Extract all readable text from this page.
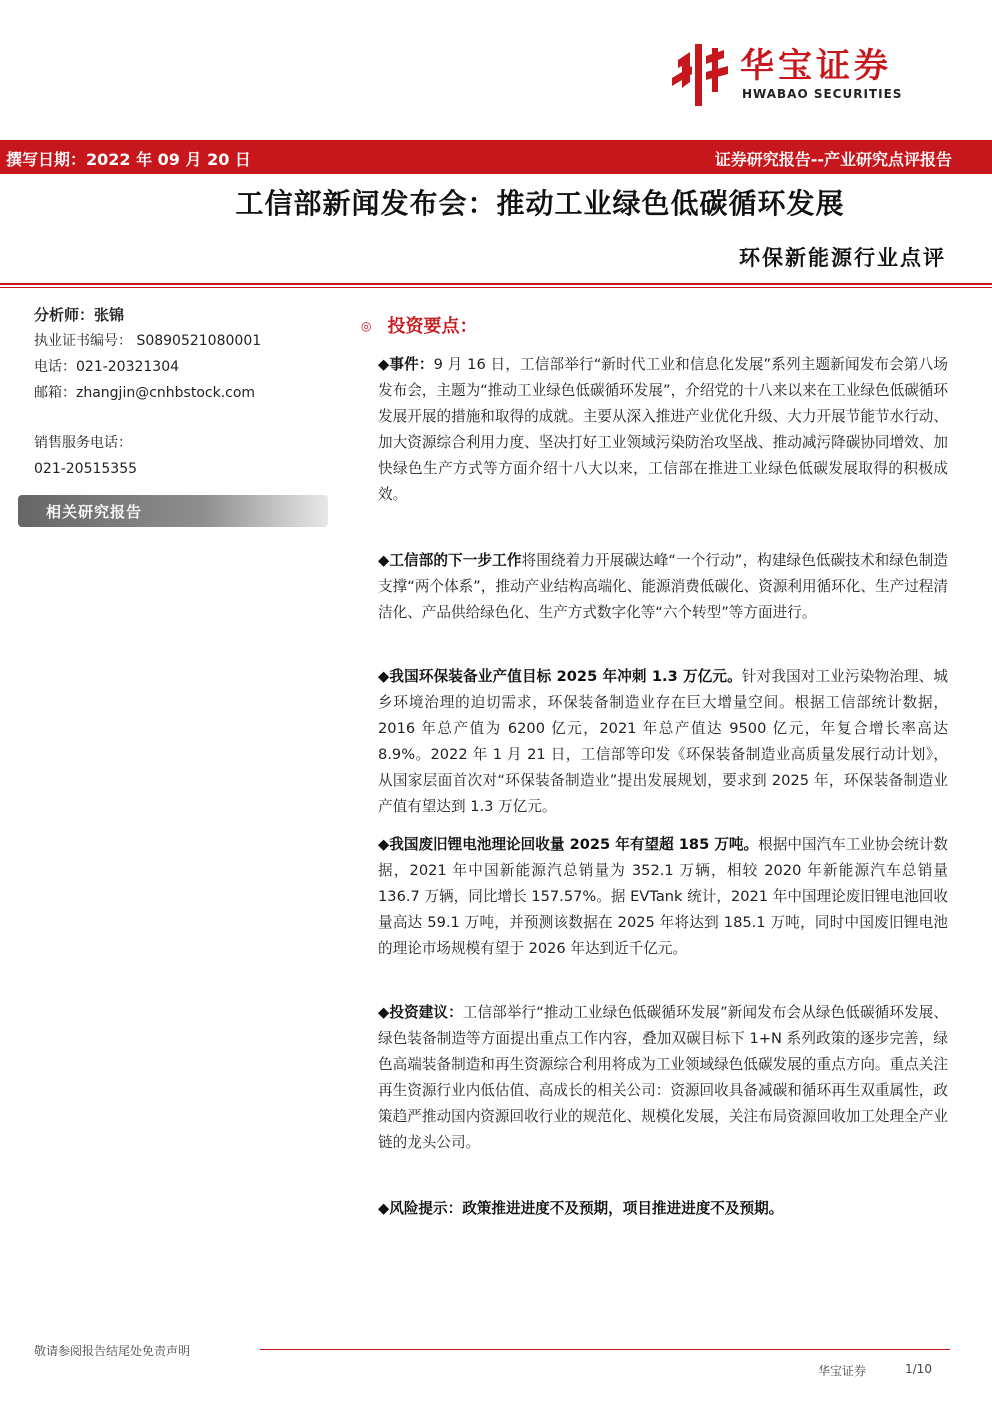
华宝证券
HWABAO SECURITIES
撰写日期：2022 年 09 月 20 日	证券研究报告--产业研究点评报告
工信部新闻发布会：推动工业绿色低碳循环发展
环保新能源行业点评
分析师：张锦
执业证书编号： S0890521080001
电话：021-20321304
邮箱：zhangjin@cnhbstock.com
销售服务电话：
021-20515355
相关研究报告
◎ 投资要点：
◆事件：9 月 16 日，工信部举行“新时代工业和信息化发展”系列主题新闻发布会第八场发布会，主题为“推动工业绿色低碳循环发展”，介绍党的十八来以来在工业绿色低碳循环发展开展的措施和取得的成就。主要从深入推进产业优化升级、大力开展节能节水行动、加大资源综合利用力度、坚决打好工业领域污染防治攻坚战、推动减污降碳协同增效、加快绿色生产方式等方面介绍十八大以来，工信部在推进工业绿色低碳发展取得的积极成效。
◆工信部的下一步工作将围绕着力开展碳达峰“一个行动”，构建绿色低碳技术和绿色制造支撑“两个体系”，推动产业结构高端化、能源消费低碳化、资源利用循环化、生产过程清洁化、产品供给绿色化、生产方式数字化等“六个转型”等方面进行。
◆我国环保装备业产值目标 2025 年冲刺 1.3 万亿元。针对我国对工业污染物治理、城乡环境治理的迫切需求，环保装备制造业存在巨大增量空间。根据工信部统计数据，2016 年总产值为 6200 亿元，2021 年总产值达 9500 亿元，年复合增长率高达 8.9%。2022 年 1 月 21 日，工信部等印发《环保装备制造业高质量发展行动计划》，从国家层面首次对“环保装备制造业”提出发展规划，要求到 2025 年，环保装备制造业产值有望达到 1.3 万亿元。
◆我国废旧锂电池理论回收量 2025 年有望超 185 万吨。根据中国汽车工业协会统计数据，2021 年中国新能源汽总销量为 352.1 万辆，相较 2020 年新能源汽车总销量 136.7 万辆，同比增长 157.57%。据 EVTank 统计，2021 年中国理论废旧锂电池回收量高达 59.1 万吨，并预测该数据在 2025 年将达到 185.1 万吨，同时中国废旧锂电池的理论市场规模有望于 2026 年达到近千亿元。
◆投资建议：工信部举行“推动工业绿色低碳循环发展”新闻发布会从绿色低碳循环发展、绿色装备制造等方面提出重点工作内容，叠加双碳目标下 1+N 系列政策的逐步完善，绿色高端装备制造和再生资源综合利用将成为工业领域绿色低碳发展的重点方向。重点关注再生资源行业内低估值、高成长的相关公司：资源回收具备减碳和循环再生双重属性，政策趋严推动国内资源回收行业的规范化、规模化发展，关注布局资源回收加工处理全产业链的龙头公司。
◆风险提示：政策推进进度不及预期，项目推进进度不及预期。
敬请参阅报告结尾处免责声明
华宝证券	1/10
